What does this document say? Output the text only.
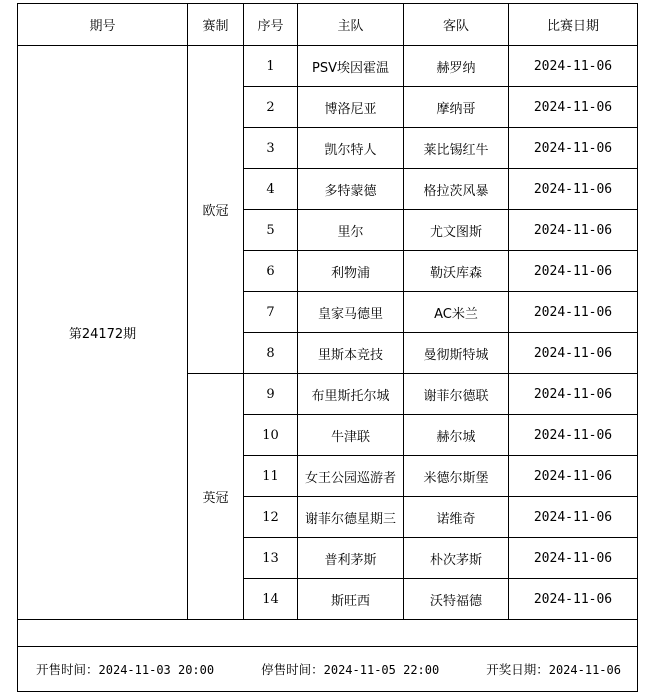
期号	赛制	序号	主队	客队	比赛日期
第24172期	欧冠	1	PSV埃因霍温	赫罗纳	2024-11-06
		2	博洛尼亚	摩纳哥	2024-11-06
		3	凯尔特人	莱比锡红牛	2024-11-06
		4	多特蒙德	格拉茨风暴	2024-11-06
		5	里尔	尤文图斯	2024-11-06
		6	利物浦	勒沃库森	2024-11-06
		7	皇家马德里	AC米兰	2024-11-06
		8	里斯本竞技	曼彻斯特城	2024-11-06
	英冠	9	布里斯托尔城	谢菲尔德联	2024-11-06
		10	牛津联	赫尔城	2024-11-06
		11	女王公园巡游者	米德尔斯堡	2024-11-06
		12	谢菲尔德星期三	诺维奇	2024-11-06
		13	普利茅斯	朴次茅斯	2024-11-06
		14	斯旺西	沃特福德	2024-11-06

开售时间：2024-11-03 20:00 停售时间：2024-11-05 22:00 开奖日期：2024-11-06					
